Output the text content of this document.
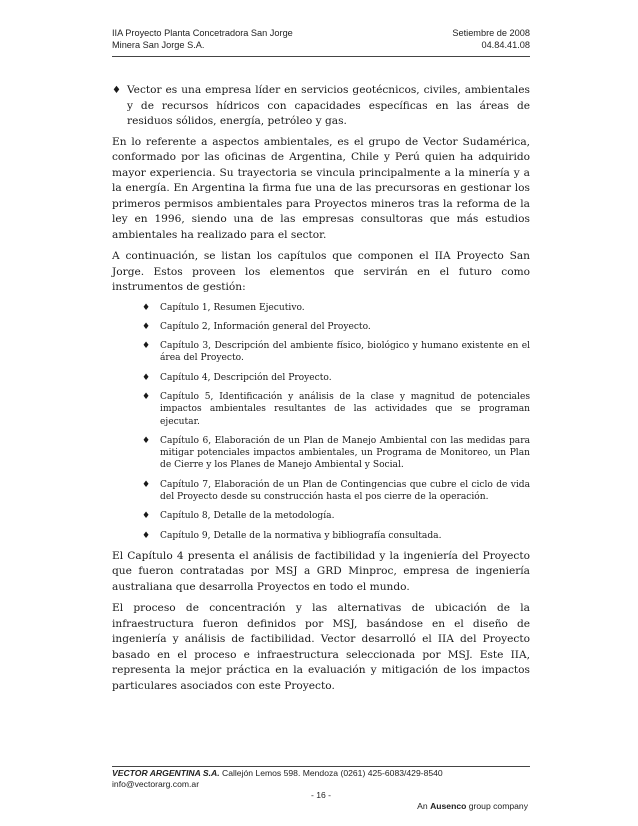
IIA Proyecto Planta Concetradora San Jorge	Setiembre de 2008
Minera San Jorge S.A.	04.84.41.08
♦ Vector es una empresa líder en servicios geotécnicos, civiles, ambientales y de recursos hídricos con capacidades específicas en las áreas de residuos sólidos, energía, petróleo y gas.

En lo referente a aspectos ambientales, es el grupo de Vector Sudamérica, conformado por las oficinas de Argentina, Chile y Perú quien ha adquirido mayor experiencia. Su trayectoria se vincula principalmente a la minería y a la energía. En Argentina la firma fue una de las precursoras en gestionar los primeros permisos ambientales para Proyectos mineros tras la reforma de la ley en 1996, siendo una de las empresas consultoras que más estudios ambientales ha realizado para el sector.

A continuación, se listan los capítulos que componen el IIA Proyecto San Jorge. Estos proveen los elementos que servirán en el futuro como instrumentos de gestión:

♦	Capítulo 1, Resumen Ejecutivo.
♦	Capítulo 2, Información general del Proyecto.
♦	Capítulo 3, Descripción del ambiente físico, biológico y humano existente en el área del Proyecto.
♦	Capítulo 4, Descripción del Proyecto.
♦	Capítulo 5, Identificación y análisis de la clase y magnitud de potenciales impactos ambientales resultantes de las actividades que se programan ejecutar.
♦	Capítulo 6, Elaboración de un Plan de Manejo Ambiental con las medidas para mitigar potenciales impactos ambientales, un Programa de Monitoreo, un Plan de Cierre y los Planes de Manejo Ambiental y Social.
♦	Capítulo 7, Elaboración de un Plan de Contingencias que cubre el ciclo de vida del Proyecto desde su construcción hasta el pos cierre de la operación.
♦	Capítulo 8, Detalle de la metodología.
♦	Capítulo 9, Detalle de la normativa y bibliografía consultada.

El Capítulo 4 presenta el análisis de factibilidad y la ingeniería del Proyecto que fueron contratadas por MSJ a GRD Minproc, empresa de ingeniería australiana que desarrolla Proyectos en todo el mundo.

El proceso de concentración y las alternativas de ubicación de la infraestructura fueron definidos por MSJ, basándose en el diseño de ingeniería y análisis de factibilidad. Vector desarrolló el IIA del Proyecto basado en el proceso e infraestructura seleccionada por MSJ. Este IIA, representa la mejor práctica en la evaluación y mitigación de los impactos particulares asociados con este Proyecto.

VECTOR ARGENTINA S.A. Callejón Lemos 598. Mendoza (0261) 425-6083/429-8540 info@vectorarg.com.ar
- 16 -
An Ausenco group company
